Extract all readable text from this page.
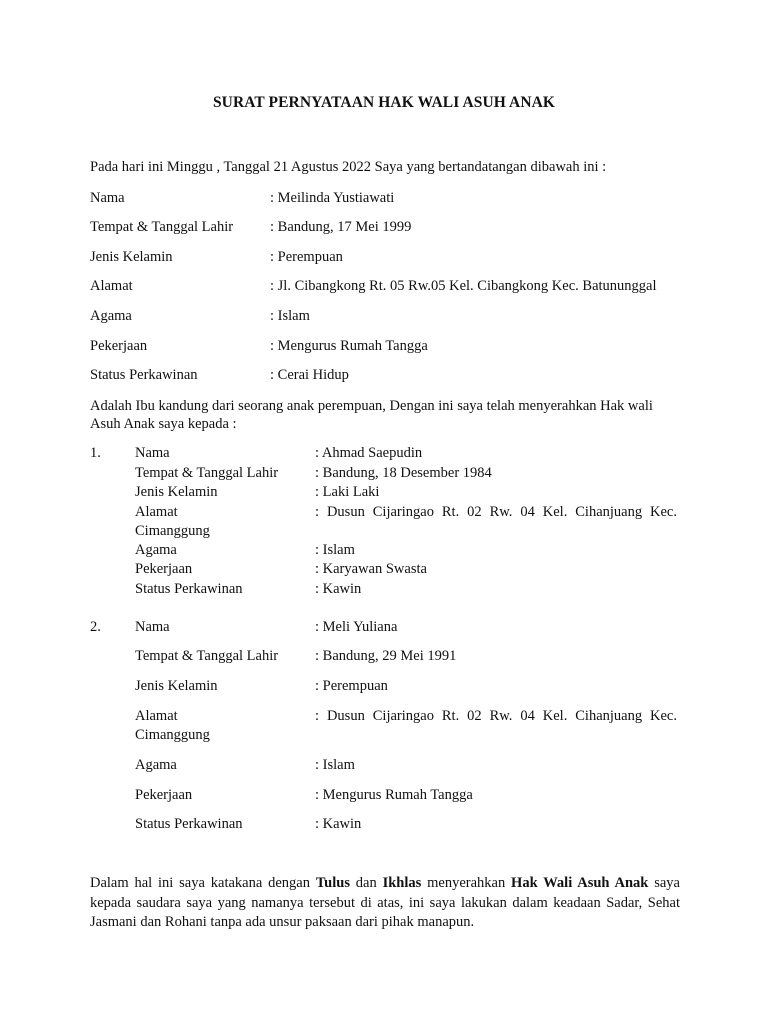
SURAT PERNYATAAN HAK WALI ASUH ANAK
Pada hari ini Minggu , Tanggal 21 Agustus 2022 Saya yang bertandatangan dibawah ini :
Nama	: Meilinda Yustiawati
Tempat & Tanggal Lahir	: Bandung, 17 Mei 1999
Jenis Kelamin	: Perempuan
Alamat	: Jl. Cibangkong Rt. 05 Rw.05 Kel. Cibangkong Kec. Batununggal
Agama	: Islam
Pekerjaan	: Mengurus Rumah Tangga
Status Perkawinan	: Cerai Hidup
Adalah Ibu kandung dari seorang anak perempuan, Dengan ini saya telah menyerahkan Hak wali
Asuh Anak saya kepada :
1. Nama	: Ahmad Saepudin
Tempat & Tanggal Lahir	: Bandung, 18 Desember 1984
Jenis Kelamin	: Laki Laki
Alamat	: Dusun Cijaringao Rt. 02 Rw. 04 Kel. Cihanjuang Kec.
Cimanggung
Agama	: Islam
Pekerjaan	: Karyawan Swasta
Status Perkawinan	: Kawin
2. Nama	: Meli Yuliana
Tempat & Tanggal Lahir	: Bandung, 29 Mei 1991
Jenis Kelamin	: Perempuan
Alamat	: Dusun Cijaringao Rt. 02 Rw. 04 Kel. Cihanjuang Kec.
Cimanggung
Agama	: Islam
Pekerjaan	: Mengurus Rumah Tangga
Status Perkawinan	: Kawin
Dalam hal ini saya katakana dengan Tulus dan Ikhlas menyerahkan Hak Wali Asuh Anak saya kepada saudara saya yang namanya tersebut di atas, ini saya lakukan dalam keadaan Sadar, Sehat Jasmani dan Rohani tanpa ada unsur paksaan dari pihak manapun.
